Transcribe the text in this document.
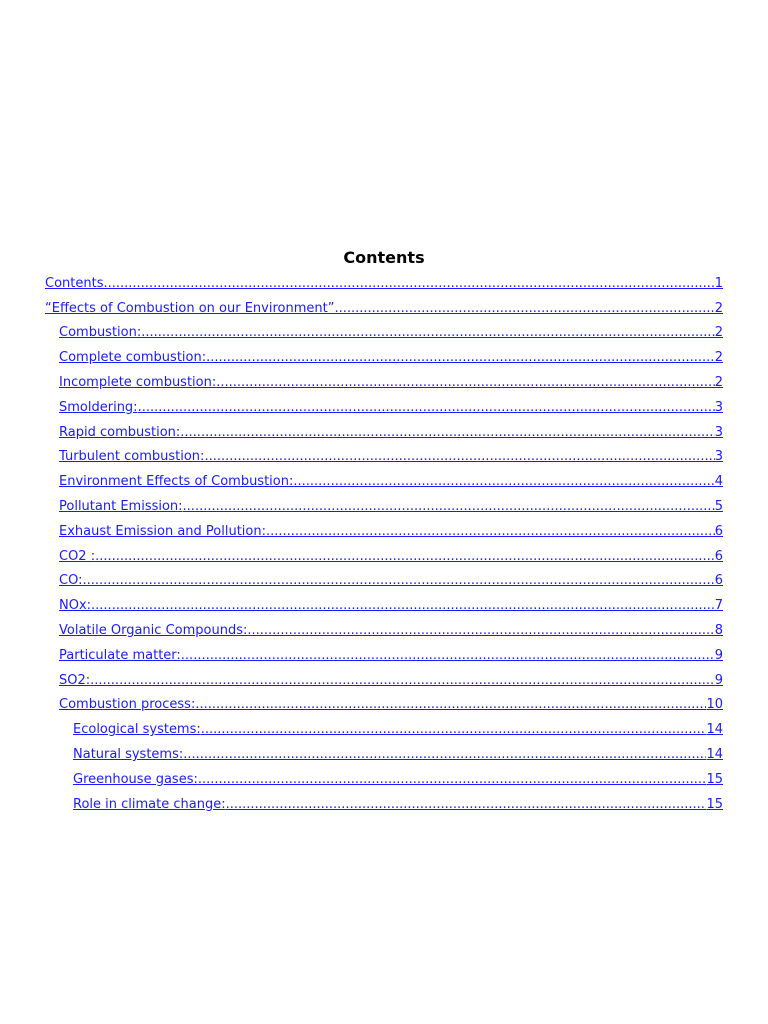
Contents
Contents .....	1
“Effects of Combustion on our Environment” .....	2
Combustion: .....	2
Complete combustion: .....	2
Incomplete combustion: .....	2
Smoldering: .....	3
Rapid combustion: .....	3
Turbulent combustion: .....	3
Environment Effects of Combustion: .....	4
Pollutant Emission: .....	5
Exhaust Emission and Pollution: .....	6
CO2 : .....	6
CO: .....	6
NOx: .....	7
Volatile Organic Compounds: .....	8
Particulate matter: .....	9
SO2: .....	9
Combustion process: .....	10
Ecological systems: .....	14
Natural systems: .....	14
Greenhouse gases: .....	15
Role in climate change: .....	15
